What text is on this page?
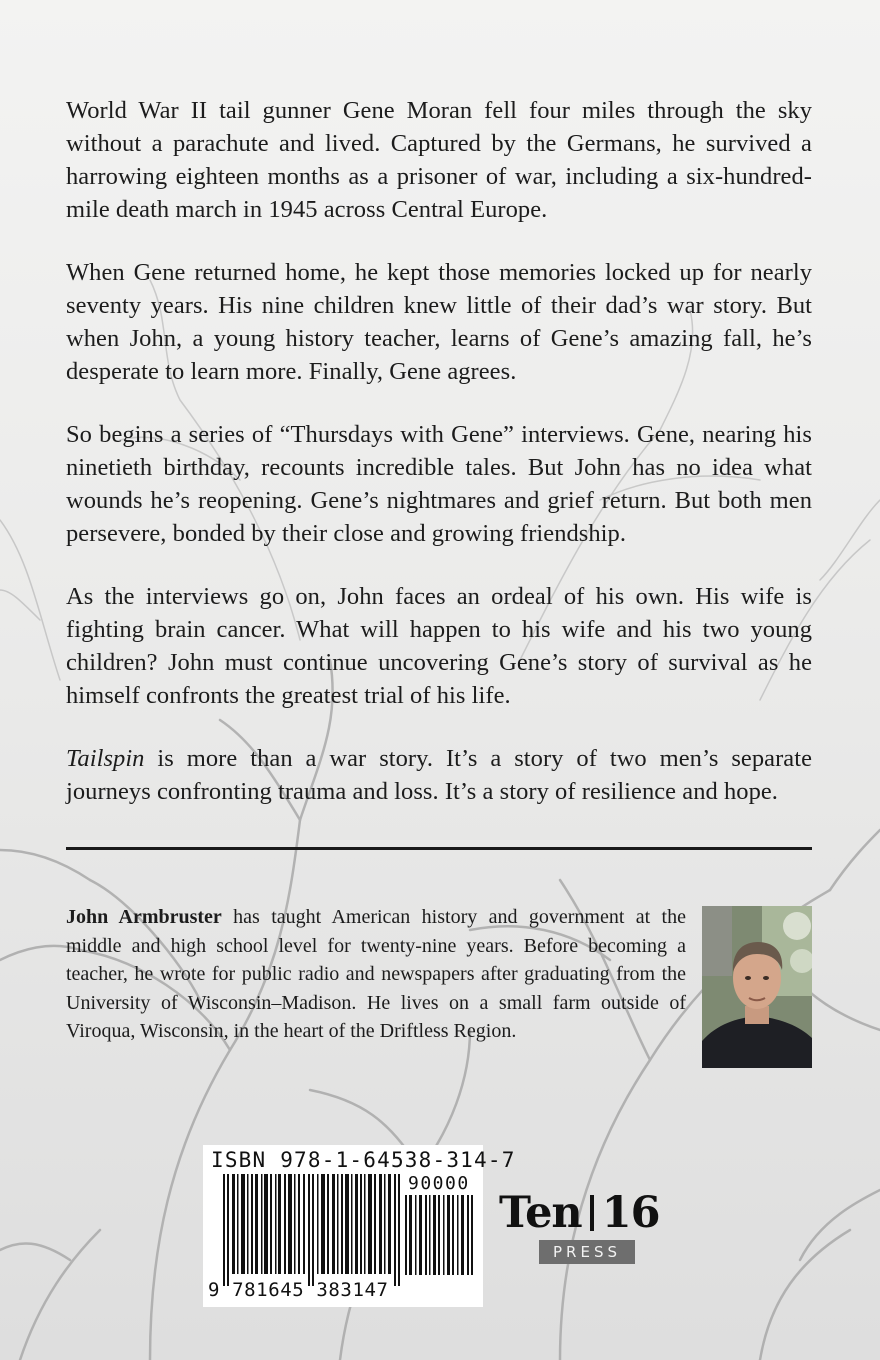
World War II tail gunner Gene Moran fell four miles through the sky without a parachute and lived. Captured by the Germans, he survived a harrowing eighteen months as a prisoner of war, including a six-hundred-mile death march in 1945 across Central Europe.

When Gene returned home, he kept those memories locked up for nearly seventy years. His nine children knew little of their dad’s war story. But when John, a young history teacher, learns of Gene’s amazing fall, he’s desperate to learn more. Finally, Gene agrees.

So begins a series of “Thursdays with Gene” interviews. Gene, nearing his ninetieth birthday, recounts incredible tales. But John has no idea what wounds he’s reopening. Gene’s nightmares and grief return. But both men persevere, bonded by their close and growing friendship.

As the interviews go on, John faces an ordeal of his own. His wife is fighting brain cancer. What will happen to his wife and his two young children? John must continue uncovering Gene’s story of survival as he himself confronts the greatest trial of his life.

Tailspin is more than a war story. It’s a story of two men’s separate journeys confronting trauma and loss. It’s a story of resilience and hope.

John Armbruster has taught American history and government at the middle and high school level for twenty-nine years. Before becoming a teacher, he wrote for public radio and newspapers after graduating from the University of Wisconsin–Madison. He lives on a small farm outside of Viroqua, Wisconsin, in the heart of the Driftless Region.
ISBN 978-1-64538-314-7
90000
9 781645 383147
Ten 16
PRESS
